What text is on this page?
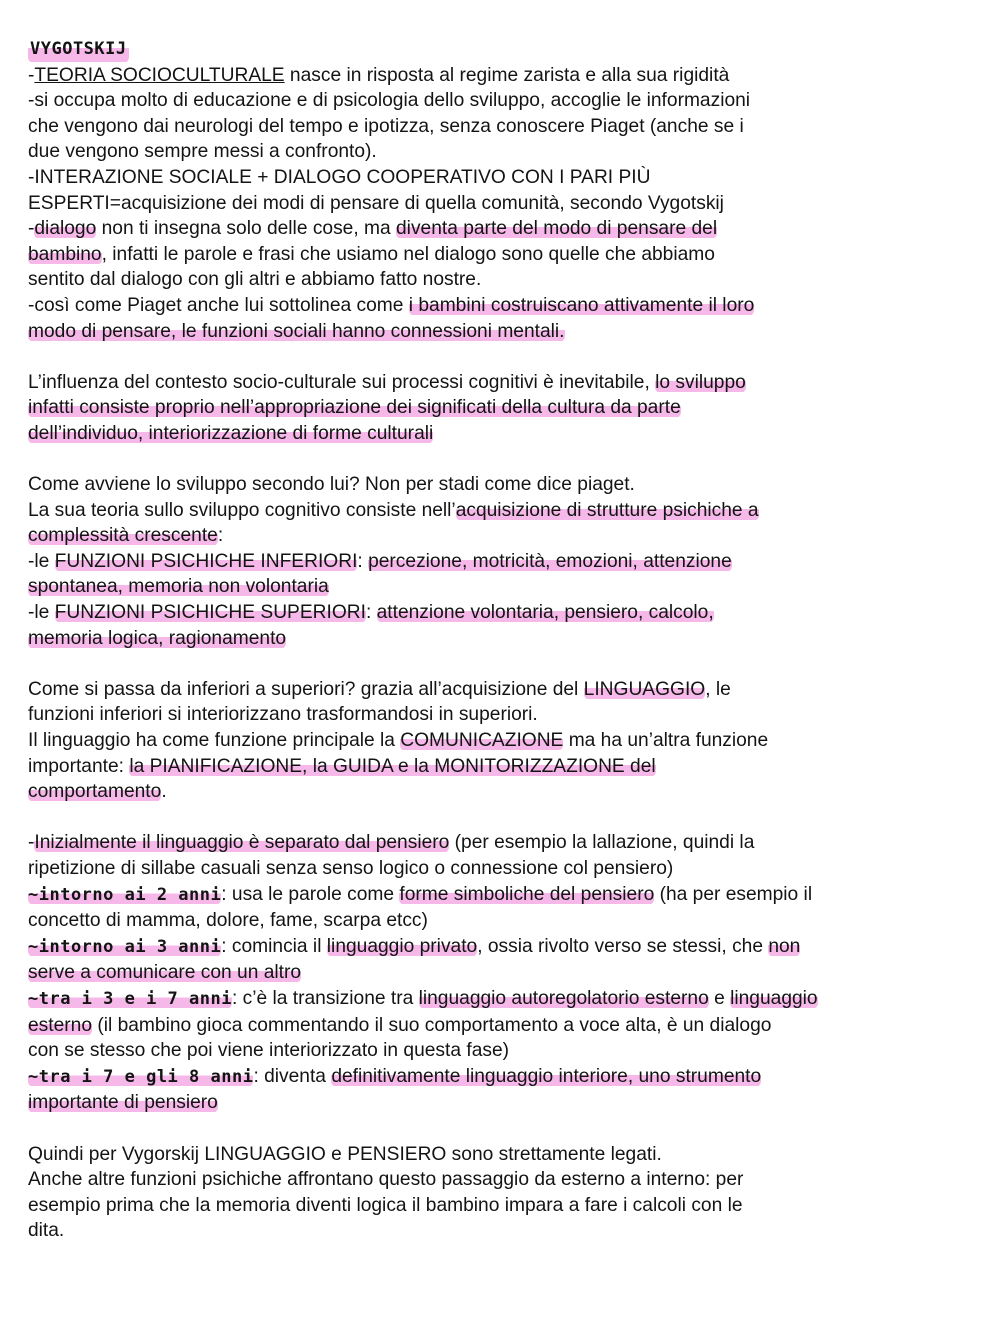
VYGOTSKIJ
-TEORIA SOCIOCULTURALE nasce in risposta al regime zarista e alla sua rigidità
-si occupa molto di educazione e di psicologia dello sviluppo, accoglie le informazioni
che vengono dai neurologi del tempo e ipotizza, senza conoscere Piaget (anche se i
due vengono sempre messi a confronto).
-INTERAZIONE SOCIALE + DIALOGO COOPERATIVO CON I PARI PIÙ
ESPERTI=acquisizione dei modi di pensare di quella comunità, secondo Vygotskij
-dialogo non ti insegna solo delle cose, ma diventa parte del modo di pensare del
bambino, infatti le parole e frasi che usiamo nel dialogo sono quelle che abbiamo
sentito dal dialogo con gli altri e abbiamo fatto nostre.
-così come Piaget anche lui sottolinea come i bambini costruiscano attivamente il loro
modo di pensare, le funzioni sociali hanno connessioni mentali.
L’influenza del contesto socio-culturale sui processi cognitivi è inevitabile, lo sviluppo
infatti consiste proprio nell’appropriazione dei significati della cultura da parte
dell’individuo, interiorizzazione di forme culturali
Come avviene lo sviluppo secondo lui? Non per stadi come dice piaget.
La sua teoria sullo sviluppo cognitivo consiste nell’acquisizione di strutture psichiche a
complessità crescente:
-le FUNZIONI PSICHICHE INFERIORI: percezione, motricità, emozioni, attenzione
spontanea, memoria non volontaria
-le FUNZIONI PSICHICHE SUPERIORI: attenzione volontaria, pensiero, calcolo,
memoria logica, ragionamento
Come si passa da inferiori a superiori? grazia all’acquisizione del LINGUAGGIO, le
funzioni inferiori si interiorizzano trasformandosi in superiori.
Il linguaggio ha come funzione principale la COMUNICAZIONE ma ha un’altra funzione
importante: la PIANIFICAZIONE, la GUIDA e la MONITORIZZAZIONE del
comportamento.
-Inizialmente il linguaggio è separato dal pensiero (per esempio la lallazione, quindi la
ripetizione di sillabe casuali senza senso logico o connessione col pensiero)
~intorno ai 2 anni: usa le parole come forme simboliche del pensiero (ha per esempio il
concetto di mamma, dolore, fame, scarpa etcc)
~intorno ai 3 anni: comincia il linguaggio privato, ossia rivolto verso se stessi, che non
serve a comunicare con un altro
~tra i 3 e i 7 anni: c’è la transizione tra linguaggio autoregolatorio esterno e linguaggio
esterno (il bambino gioca commentando il suo comportamento a voce alta, è un dialogo
con se stesso che poi viene interiorizzato in questa fase)
~tra i 7 e gli 8 anni: diventa definitivamente linguaggio interiore, uno strumento
importante di pensiero
Quindi per Vygorskij LINGUAGGIO e PENSIERO sono strettamente legati.
Anche altre funzioni psichiche affrontano questo passaggio da esterno a interno: per
esempio prima che la memoria diventi logica il bambino impara a fare i calcoli con le
dita.
